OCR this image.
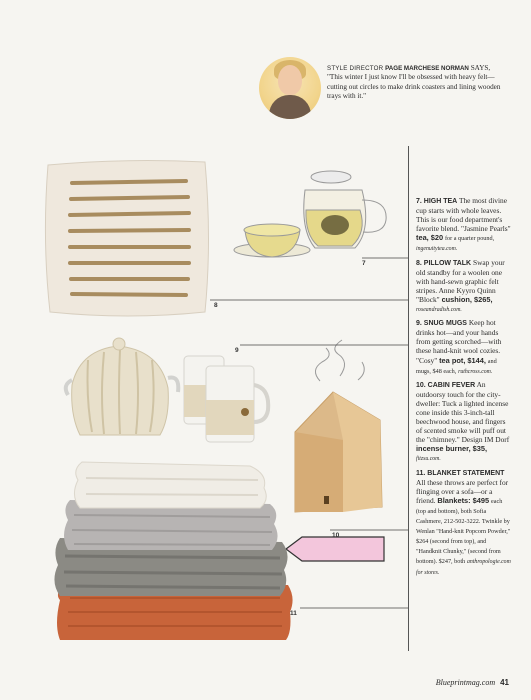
STYLE DIRECTOR PAGE MARCHESE NORMAN SAYS, "This winter I just know I'll be obsessed with heavy felt—cutting out circles to make drink coasters and lining wooden trays with it."
7
8
9
10
11
7. HIGH TEA The most divine cup starts with whole leaves. This is our food department's favorite blend. "Jasmine Pearls" tea, $20 for a quarter pound, ingenuitytea.com.
8. PILLOW TALK Swap your old standby for a woolen one with hand-sewn graphic felt stripes. Anne Kyyro Quinn "Block" cushion, $265, roseandradish.com.
9. SNUG MUGS Keep hot drinks hot—and your hands from getting scorched—with these hand-knit wool cozies. "Cosy" tea pot, $144, and mugs, $48 each, ruthcross.com.
10. CABIN FEVER An outdoorsy touch for the city-dweller: Tuck a lighted incense cone inside this 3-inch-tall beechwood house, and fingers of scented smoke will puff out the "chimney." Design IM Dorf incense burner, $35, fitzsu.com.
11. BLANKET STATEMENT All these throws are perfect for flinging over a sofa—or a friend. Blankets: $495 each (top and bottom), both Sofia Cashmere, 212-502-3222. Twinkle by Wenlan "Hand-knit Popcorn Powder," $264 (second from top), and "Handknit Chunky," (second from bottom). $247, both anthropologie.com for stores.
Blueprintmag.com 41
